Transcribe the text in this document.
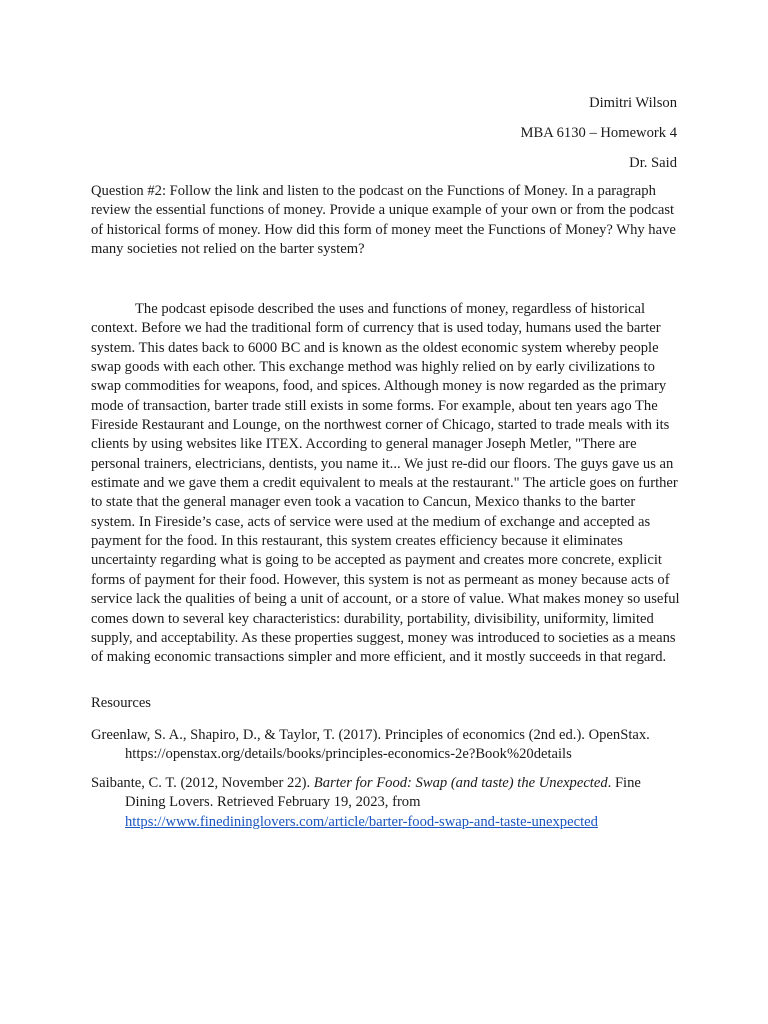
Dimitri Wilson
MBA 6130 – Homework 4
Dr. Said

Question #2: Follow the link and listen to the podcast on the Functions of Money. In a paragraph review the essential functions of money. Provide a unique example of your own or from the podcast of historical forms of money. How did this form of money meet the Functions of Money? Why have many societies not relied on the barter system?

The podcast episode described the uses and functions of money, regardless of historical context. Before we had the traditional form of currency that is used today, humans used the barter system. This dates back to 6000 BC and is known as the oldest economic system whereby people swap goods with each other. This exchange method was highly relied on by early civilizations to swap commodities for weapons, food, and spices. Although money is now regarded as the primary mode of transaction, barter trade still exists in some forms. For example, about ten years ago The Fireside Restaurant and Lounge, on the northwest corner of Chicago, started to trade meals with its clients by using websites like ITEX. According to general manager Joseph Metler, "There are personal trainers, electricians, dentists, you name it... We just re-did our floors. The guys gave us an estimate and we gave them a credit equivalent to meals at the restaurant." The article goes on further to state that the general manager even took a vacation to Cancun, Mexico thanks to the barter system. In Fireside’s case, acts of service were used at the medium of exchange and accepted as payment for the food. In this restaurant, this system creates efficiency because it eliminates uncertainty regarding what is going to be accepted as payment and creates more concrete, explicit forms of payment for their food. However, this system is not as permeant as money because acts of service lack the qualities of being a unit of account, or a store of value. What makes money so useful comes down to several key characteristics: durability, portability, divisibility, uniformity, limited supply, and acceptability. As these properties suggest, money was introduced to societies as a means of making economic transactions simpler and more efficient, and it mostly succeeds in that regard.

Resources

Greenlaw, S. A., Shapiro, D., & Taylor, T. (2017). Principles of economics (2nd ed.). OpenStax.
https://openstax.org/details/books/principles-economics-2e?Book%20details
Saibante, C. T. (2012, November 22). Barter for Food: Swap (and taste) the Unexpected. Fine
Dining Lovers. Retrieved February 19, 2023, from
https://www.finedininglovers.com/article/barter-food-swap-and-taste-unexpected
